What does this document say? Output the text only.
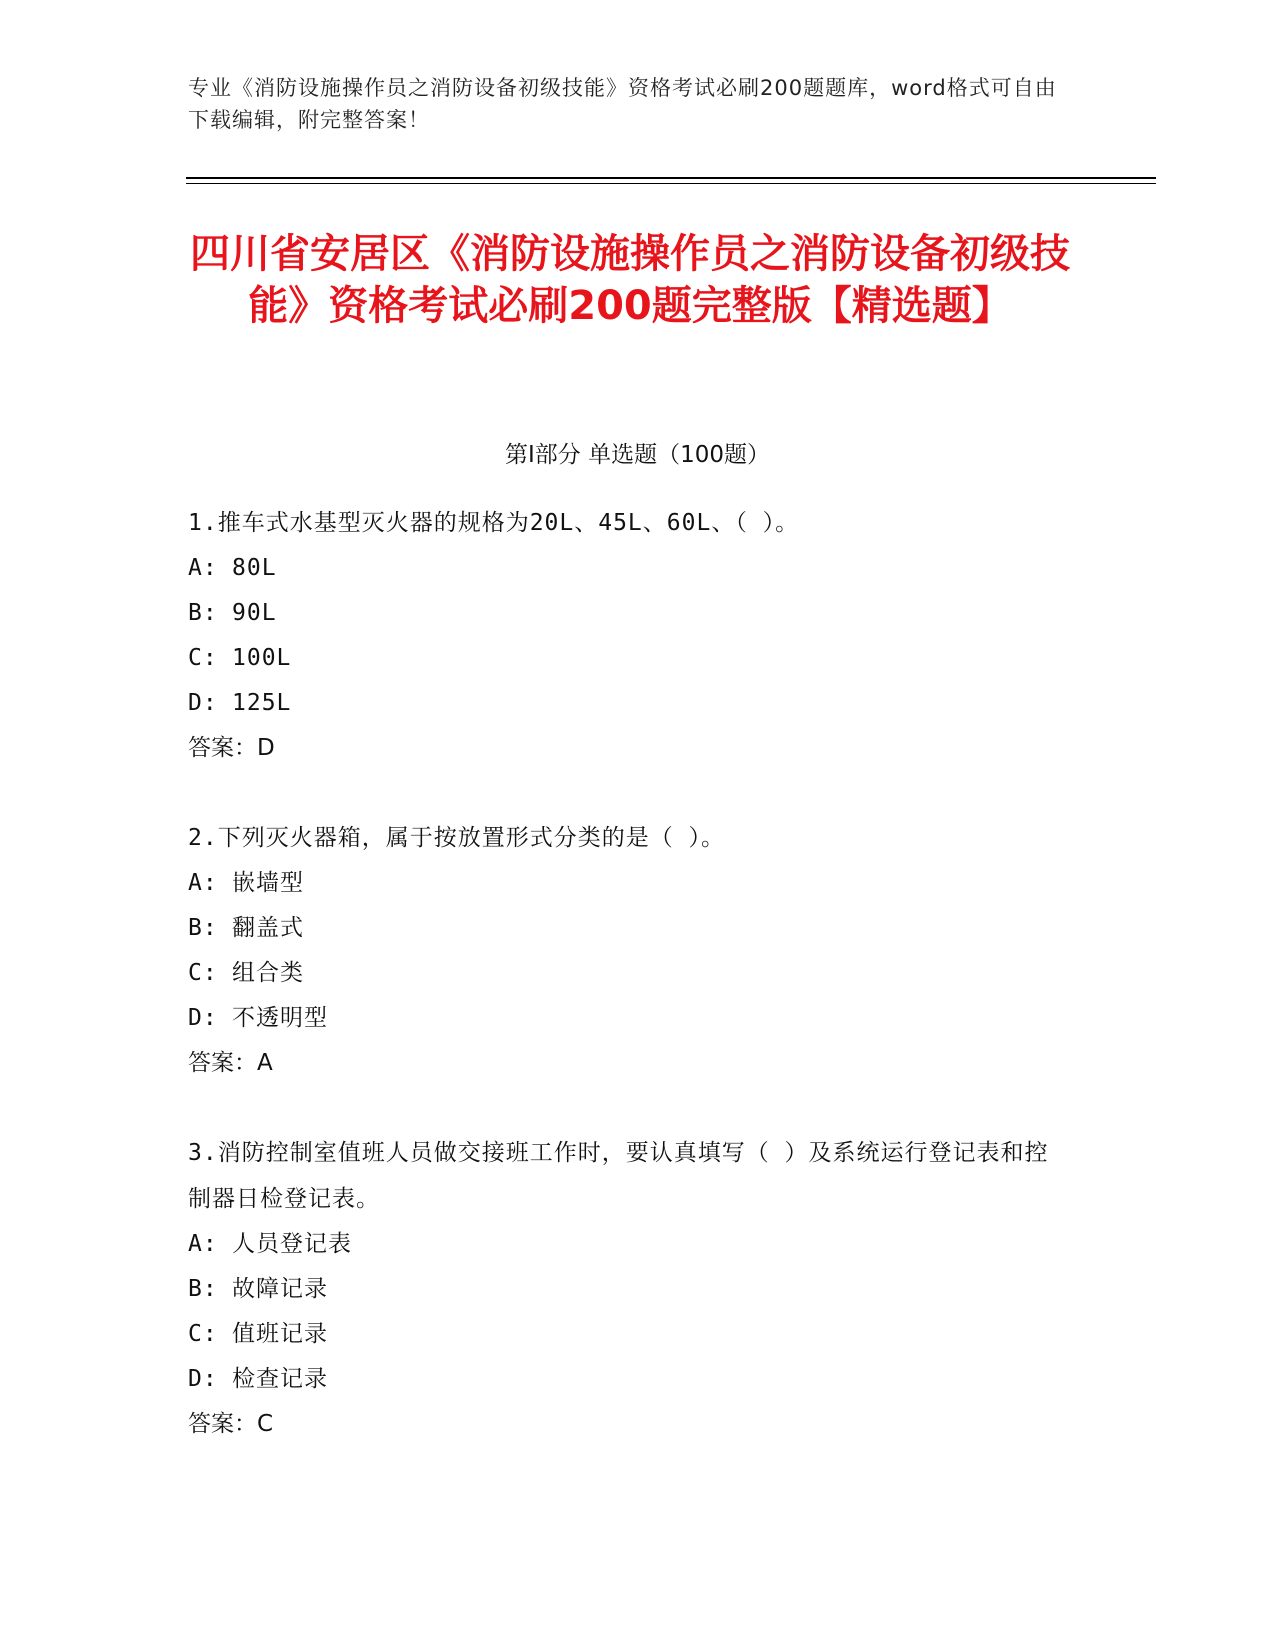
专业《消防设施操作员之消防设备初级技能》资格考试必刷200题题库，word格式可自由下载编辑，附完整答案！
四川省安居区《消防设施操作员之消防设备初级技能》资格考试必刷200题完整版【精选题】
第I部分 单选题（100题）
1.推车式水基型灭火器的规格为20L、45L、60L、（ ）。
A: 80L
B: 90L
C: 100L
D: 125L
答案：D
2.下列灭火器箱，属于按放置形式分类的是（ ）。
A: 嵌墙型
B: 翻盖式
C: 组合类
D: 不透明型
答案：A
3.消防控制室值班人员做交接班工作时，要认真填写（ ）及系统运行登记表和控制器日检登记表。
A: 人员登记表
B: 故障记录
C: 值班记录
D: 检查记录
答案：C
